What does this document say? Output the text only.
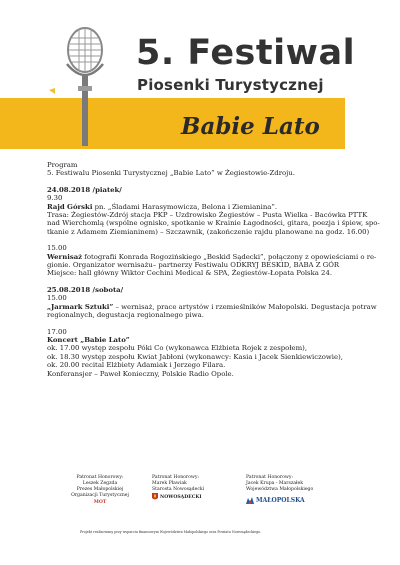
5. Festiwal
Piosenki Turystycznej
Babie Lato

Program

5. Festiwalu Piosenki Turystycznej „Babie Lato” w Żegiestowie-Zdroju.

24.08.2018 /piatek/

9.30

Rajd Górski pn. „Śladami Harasymowicza, Belona i Ziemianina”.

Trasa: Żegiestów-Zdrój stacja PKP – Uzdrowisko Żegiestów – Pusta Wielka - Bacówka PTTK

nad Wierchomlą (wspólne ognisko, spotkanie w Krainie Łagodności, gitara, poezja i śpiew, spo-

tkanie z Adamem Ziemianinem) – Szczawnik, (zakończenie rajdu planowane na godz. 16.00)

15.00

Wernisaż fotografii Konrada Rogozińskiego „Beskid Sądecki”, połączony z opowieściami o re-

gionie. Organizator wernisażu– partnerzy Festiwalu ODKRYJ BESKID, BABA Z GÓR

Miejsce: hall główny Wiktor Cechini Medical & SPA, Żegiestów-Łopata Polska 24.

25.08.2018 /sobota/

15.00

„Jarmark Sztuki” – wernisaż, prace artystów i rzemieślników Małopolski. Degustacja potraw

regionalnych, degustacja regionalnego piwa.

17.00

Koncert „Babie Lato”

ok. 17.00 występ zespołu Póki Co (wykonawca Elżbieta Rojek z zespołem),

ok. 18.30 występ zespołu Kwiat Jabłoni (wykonawcy: Kasia i Jacek Sienkiewiczowie),

ok. 20.00 recital Elżbiety Adamiak i Jerzego Filara.

Konferansjer – Paweł Konieczny, Polskie Radio Opole.

Patronat Honorowy:
Leszek Zegzda
Prezes Małopolskiej
Organizacji Turystycznej
MOT
Patronat Honorowy:
Marek Pławiak
Starosta Nowosądecki
NOWOSĄDECKI
Patronat Honorowy:
Jacek Krupa - Marszałek
Województwa Małopolskiego
MAŁOPOLSKA
Projekt realizowany przy wsparciu finansowym Województwa Małopolskiego oraz Powiatu Nowosądeckiego.
